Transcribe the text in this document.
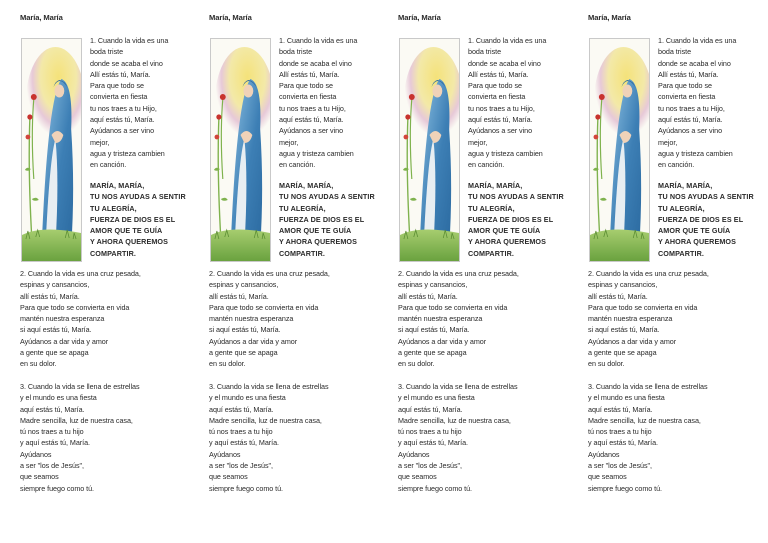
María, María
1. Cuando la vida es una
boda triste
donde se acaba el vino
Allí estás tú, María.
Para que todo se
convierta en fiesta
tu nos traes a tu Hijo,
aquí estás tú, María.
Ayúdanos a ser vino
mejor,
agua y tristeza cambien
en canción.
MARÍA, MARÍA,
TU NOS AYUDAS A SENTIR
TU ALEGRÍA,
FUERZA DE DIOS ES EL
AMOR QUE TE GUÍA
Y AHORA QUEREMOS
COMPARTIR.
2. Cuando la vida es una cruz pesada,
espinas y cansancios,
allí estás tú, María.
Para que todo se convierta en vida
mantén nuestra esperanza
si aquí estás tú, María.
Ayúdanos a dar vida y amor
a gente que se apaga
en su dolor.
3. Cuando la vida se llena de estrellas
y el mundo es una fiesta
aquí estás tú, María.
Madre sencilla, luz de nuestra casa,
tú nos traes a tu hijo
y aquí estás tú, María.
Ayúdanos
a ser "los de Jesús",
que seamos
siempre fuego como tú.
María, María
1. Cuando la vida es una
boda triste
donde se acaba el vino
Allí estás tú, María.
Para que todo se
convierta en fiesta
tu nos traes a tu Hijo,
aquí estás tú, María.
Ayúdanos a ser vino
mejor,
agua y tristeza cambien
en canción.
MARÍA, MARÍA,
TU NOS AYUDAS A SENTIR
TU ALEGRÍA,
FUERZA DE DIOS ES EL
AMOR QUE TE GUÍA
Y AHORA QUEREMOS
COMPARTIR.
2. Cuando la vida es una cruz pesada,
espinas y cansancios,
allí estás tú, María.
Para que todo se convierta en vida
mantén nuestra esperanza
si aquí estás tú, María.
Ayúdanos a dar vida y amor
a gente que se apaga
en su dolor.
3. Cuando la vida se llena de estrellas
y el mundo es una fiesta
aquí estás tú, María.
Madre sencilla, luz de nuestra casa,
tú nos traes a tu hijo
y aquí estás tú, María.
Ayúdanos
a ser "los de Jesús",
que seamos
siempre fuego como tú.
María, María
1. Cuando la vida es una
boda triste
donde se acaba el vino
Allí estás tú, María.
Para que todo se
convierta en fiesta
tu nos traes a tu Hijo,
aquí estás tú, María.
Ayúdanos a ser vino
mejor,
agua y tristeza cambien
en canción.
MARÍA, MARÍA,
TU NOS AYUDAS A SENTIR
TU ALEGRÍA,
FUERZA DE DIOS ES EL
AMOR QUE TE GUÍA
Y AHORA QUEREMOS
COMPARTIR.
2. Cuando la vida es una cruz pesada,
espinas y cansancios,
allí estás tú, María.
Para que todo se convierta en vida
mantén nuestra esperanza
si aquí estás tú, María.
Ayúdanos a dar vida y amor
a gente que se apaga
en su dolor.
3. Cuando la vida se llena de estrellas
y el mundo es una fiesta
aquí estás tú, María.
Madre sencilla, luz de nuestra casa,
tú nos traes a tu hijo
y aquí estás tú, María.
Ayúdanos
a ser "los de Jesús",
que seamos
siempre fuego como tú.
María, María
1. Cuando la vida es una
boda triste
donde se acaba el vino
Allí estás tú, María.
Para que todo se
convierta en fiesta
tu nos traes a tu Hijo,
aquí estás tú, María.
Ayúdanos a ser vino
mejor,
agua y tristeza cambien
en canción.
MARÍA, MARÍA,
TU NOS AYUDAS A SENTIR
TU ALEGRÍA,
FUERZA DE DIOS ES EL
AMOR QUE TE GUÍA
Y AHORA QUEREMOS
COMPARTIR.
2. Cuando la vida es una cruz pesada,
espinas y cansancios,
allí estás tú, María.
Para que todo se convierta en vida
mantén nuestra esperanza
si aquí estás tú, María.
Ayúdanos a dar vida y amor
a gente que se apaga
en su dolor.
3. Cuando la vida se llena de estrellas
y el mundo es una fiesta
aquí estás tú, María.
Madre sencilla, luz de nuestra casa,
tú nos traes a tu hijo
y aquí estás tú, María.
Ayúdanos
a ser "los de Jesús",
que seamos
siempre fuego como tú.
